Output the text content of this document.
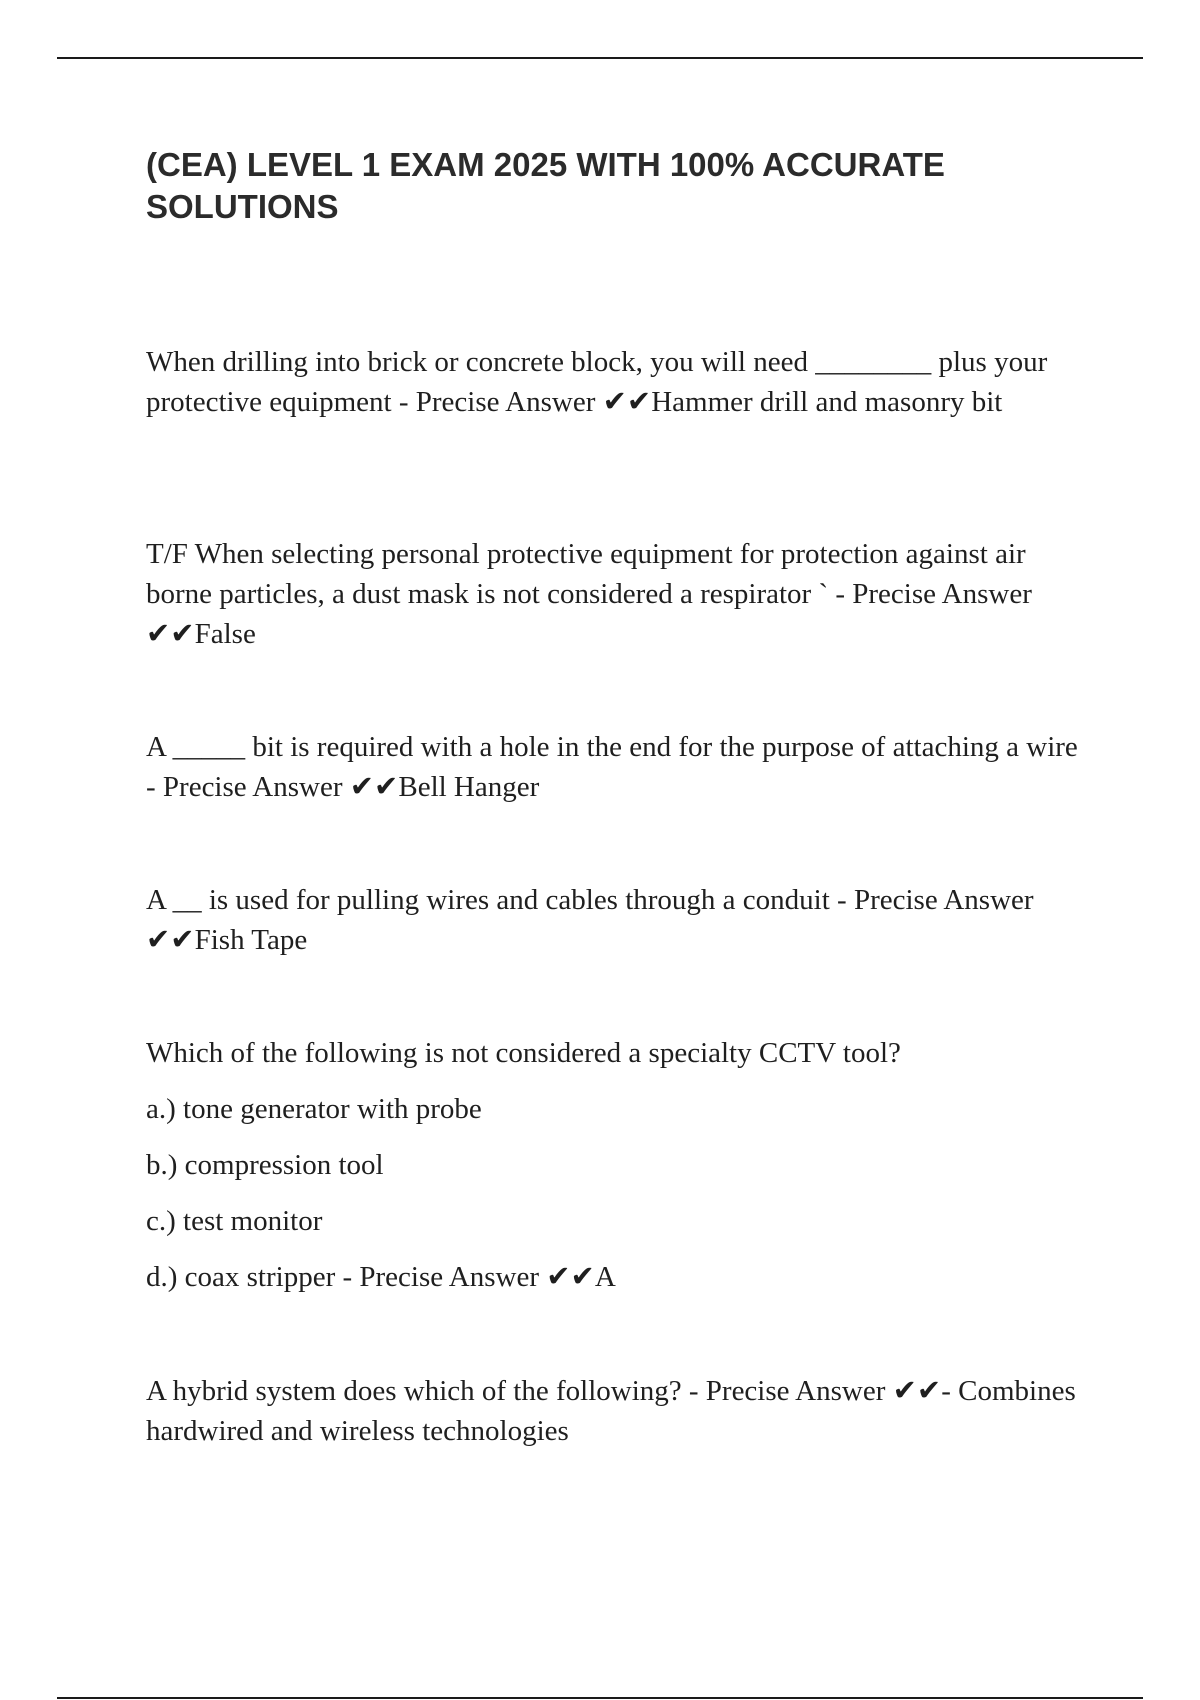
(CEA) LEVEL 1 EXAM 2025 WITH 100% ACCURATE SOLUTIONS

When drilling into brick or concrete block, you will need ________ plus your protective equipment - Precise Answer ✔✔Hammer drill and masonry bit

T/F When selecting personal protective equipment for protection against air borne particles, a dust mask is not considered a respirator ` - Precise Answer ✔✔False

A _____ bit is required with a hole in the end for the purpose of attaching a wire - Precise Answer ✔✔Bell Hanger

A __ is used for pulling wires and cables through a conduit - Precise Answer ✔✔Fish Tape

Which of the following is not considered a specialty CCTV tool?

a.) tone generator with probe

b.) compression tool

c.) test monitor

d.) coax stripper - Precise Answer ✔✔A

A hybrid system does which of the following? - Precise Answer ✔✔- Combines hardwired and wireless technologies
